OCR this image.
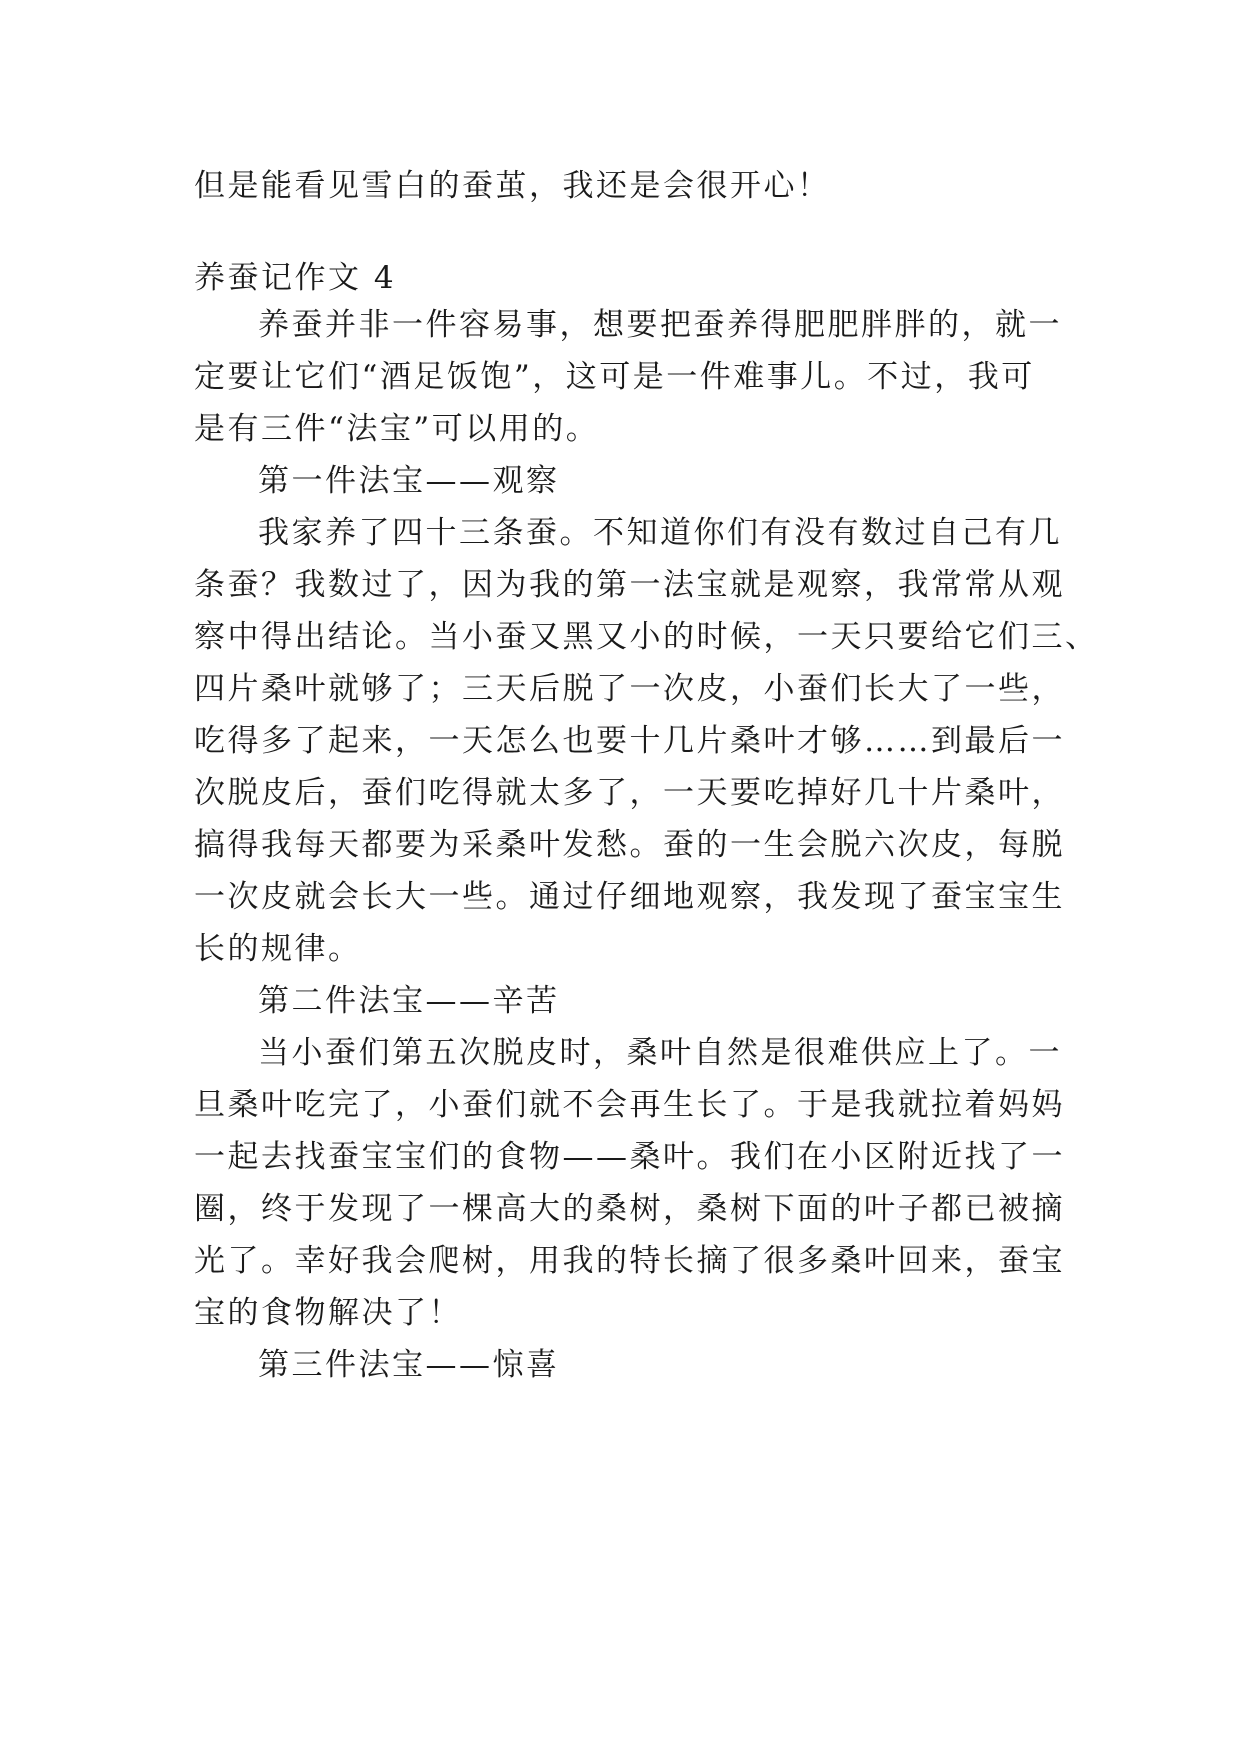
但是能看见雪白的蚕茧，我还是会很开心！

养蚕记作文 4

养蚕并非一件容易事，想要把蚕养得肥肥胖胖的，就一

定要让它们“酒足饭饱”，这可是一件难事儿。不过，我可

是有三件“法宝”可以用的。

第一件法宝——观察

我家养了四十三条蚕。不知道你们有没有数过自己有几

条蚕？我数过了，因为我的第一法宝就是观察，我常常从观

察中得出结论。当小蚕又黑又小的时候，一天只要给它们三、

四片桑叶就够了；三天后脱了一次皮，小蚕们长大了一些，

吃得多了起来，一天怎么也要十几片桑叶才够……到最后一

次脱皮后，蚕们吃得就太多了，一天要吃掉好几十片桑叶，

搞得我每天都要为采桑叶发愁。蚕的一生会脱六次皮，每脱

一次皮就会长大一些。通过仔细地观察，我发现了蚕宝宝生

长的规律。

第二件法宝——辛苦

当小蚕们第五次脱皮时，桑叶自然是很难供应上了。一

旦桑叶吃完了，小蚕们就不会再生长了。于是我就拉着妈妈

一起去找蚕宝宝们的食物——桑叶。我们在小区附近找了一

圈，终于发现了一棵高大的桑树，桑树下面的叶子都已被摘

光了。幸好我会爬树，用我的特长摘了很多桑叶回来，蚕宝

宝的食物解决了！

第三件法宝——惊喜
